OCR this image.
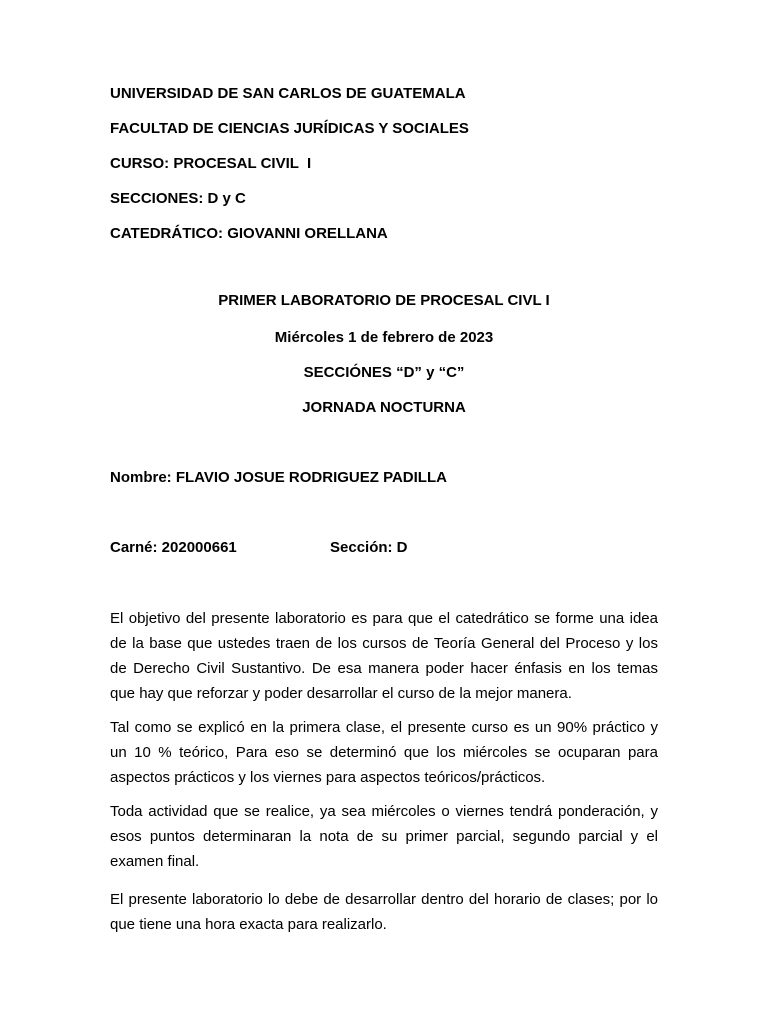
UNIVERSIDAD DE SAN CARLOS DE GUATEMALA
FACULTAD DE CIENCIAS JURÍDICAS Y SOCIALES
CURSO: PROCESAL CIVIL  I
SECCIONES: D y C
CATEDRÁTICO: GIOVANNI ORELLANA
PRIMER LABORATORIO DE PROCESAL CIVL I
Miércoles 1 de febrero de 2023
SECCIÓNES “D” y “C”
JORNADA NOCTURNA
Nombre: FLAVIO JOSUE RODRIGUEZ PADILLA
Carné: 202000661	Sección: D

El objetivo del presente laboratorio es para que el catedrático se forme una idea de la base que ustedes traen de los cursos de Teoría General del Proceso y los de Derecho Civil Sustantivo. De esa manera poder hacer énfasis en los temas que hay que reforzar y poder desarrollar el curso de la mejor manera.

Tal como se explicó en la primera clase, el presente curso es un 90% práctico y un 10 % teórico, Para eso se determinó que los miércoles se ocuparan para aspectos prácticos y los viernes para aspectos teóricos/prácticos.

Toda actividad que se realice, ya sea miércoles o viernes tendrá ponderación, y esos puntos determinaran la nota de su primer parcial, segundo parcial y el examen final.

El presente laboratorio lo debe de desarrollar dentro del horario de clases; por lo que tiene una hora exacta para realizarlo.
